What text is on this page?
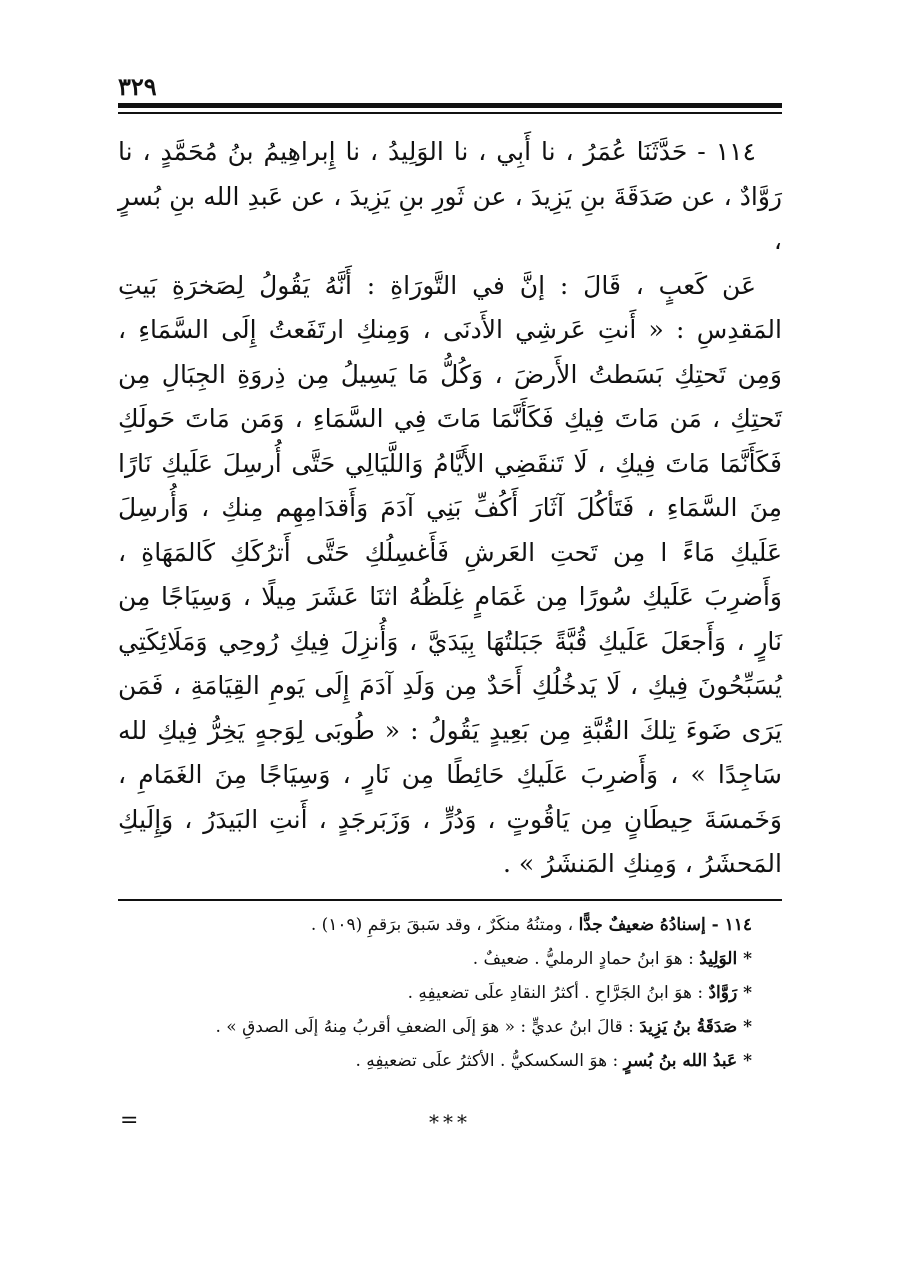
٣٢٩

١١٤ - حَدَّثَنَا عُمَرُ ، نا أَبِي ، نا الوَلِيدُ ، نا إِبراهِيمُ بنُ مُحَمَّدٍ ، نا رَوَّادٌ ، عن صَدَقَةَ بنِ يَزِيدَ ، عن ثَورِ بنِ يَزِيدَ ، عن عَبدِ الله بنِ بُسرٍ ،

عَن كَعبٍ ، قَالَ : إنَّ في التَّورَاةِ : أَنَّهُ يَقُولُ لِصَخرَةِ بَيتِ المَقدِسِ : « أَنتِ عَرشِي الأَدنَى ، وَمِنكِ ارتَفَعتُ إِلَى السَّمَاءِ ، وَمِن تَحتِكِ بَسَطتُ الأَرضَ ، وَكُلُّ مَا يَسِيلُ مِن ذِروَةِ الجِبَالِ مِن تَحتِكِ ، مَن مَاتَ فِيكِ فَكَأَنَّمَا مَاتَ فِي السَّمَاءِ ، وَمَن مَاتَ حَولَكِ فَكَأَنَّمَا مَاتَ فِيكِ ، لَا تَنقَضِي الأَيَّامُ وَاللَّيَالِي حَتَّى أُرسِلَ عَلَيكِ نَارًا مِنَ السَّمَاءِ ، فَتَأكُلَ آثَارَ أَكُفِّ بَنِي آدَمَ وَأَقدَامِهِم مِنكِ ، وَأُرسِلَ عَلَيكِ مَاءً ا مِن تَحتِ العَرشِ فَأَغسِلُكِ حَتَّى أَترُكَكِ كَالمَهَاةِ ، وَأَضرِبَ عَلَيكِ سُورًا مِن غَمَامٍ غِلَظُهُ اثنَا عَشَرَ مِيلًا ، وَسِيَاجًا مِن نَارٍ ، وَأَجعَلَ عَلَيكِ قُبَّةً جَبَلتُهَا بِيَدَيَّ ، وَأُنزِلَ فِيكِ رُوحِي وَمَلَائِكَتِي يُسَبِّحُونَ فِيكِ ، لَا يَدخُلُكِ أَحَدٌ مِن وَلَدِ آدَمَ إِلَى يَومِ القِيَامَةِ ، فَمَن يَرَى ضَوءَ تِلكَ القُبَّةِ مِن بَعِيدٍ يَقُولُ : « طُوبَى لِوَجهٍ يَخِرُّ فِيكِ لله سَاجِدًا » ، وَأَضرِبَ عَلَيكِ حَائِطًا مِن نَارٍ ، وَسِيَاجًا مِنَ الغَمَامِ ، وَخَمسَةَ حِيطَانٍ مِن يَاقُوتٍ ، وَدُرٍّ ، وَزَبَرجَدٍ ، أَنتِ البَيدَرُ ، وَإِلَيكِ المَحشَرُ ، وَمِنكِ المَنشَرُ » .

١١٤ - إسنادُهُ ضعيفٌ جدًّا ، ومتنُهُ منكَرٌ ، وقد سَبقَ برَقمِ (١٠٩) .

* الوَلِيدُ : هوَ ابنُ حمادٍ الرمليُّ . ضعيفٌ .

* رَوَّادٌ : هوَ ابنُ الجَرَّاحِ . أكثرُ النقادِ علَى تضعيفِهِ .

* صَدَقَةُ بنُ يَزِيدَ : قالَ ابنُ عديٍّ : « هوَ إلَى الضعفِ أقربُ مِنهُ إلَى الصدقِ » .

* عَبدُ الله بنُ بُسرٍ : هوَ السكسكيُّ . الأكثرُ علَى تضعيفِهِ .

=	***
